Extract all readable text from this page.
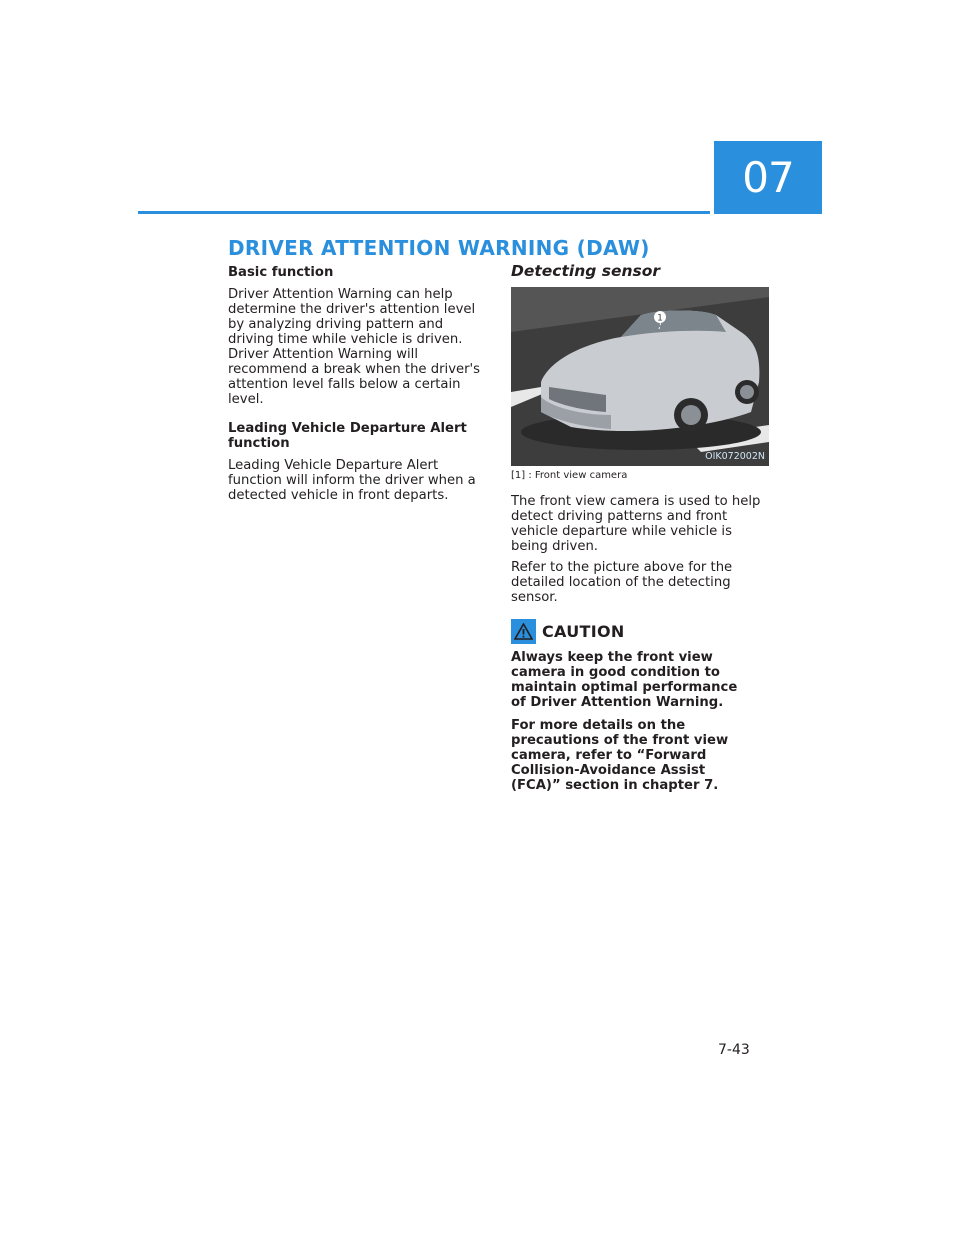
07
DRIVER ATTENTION WARNING (DAW)

Basic function

Driver Attention Warning can help determine the driver's attention level by analyzing driving pattern and driving time while vehicle is driven. Driver Attention Warning will recommend a break when the driver's attention level falls below a certain level.

Leading Vehicle Departure Alert function

Leading Vehicle Departure Alert function will inform the driver when a detected vehicle in front departs.

Detecting sensor

1
OIK072002N

[1] : Front view camera

The front view camera is used to help detect driving patterns and front vehicle departure while vehicle is being driven.

Refer to the picture above for the detailed location of the detecting sensor.

CAUTION

Always keep the front view camera in good condition to maintain optimal performance of Driver Attention Warning.

For more details on the precautions of the front view camera, refer to “Forward Collision-Avoidance Assist (FCA)” section in chapter 7.

7-43
